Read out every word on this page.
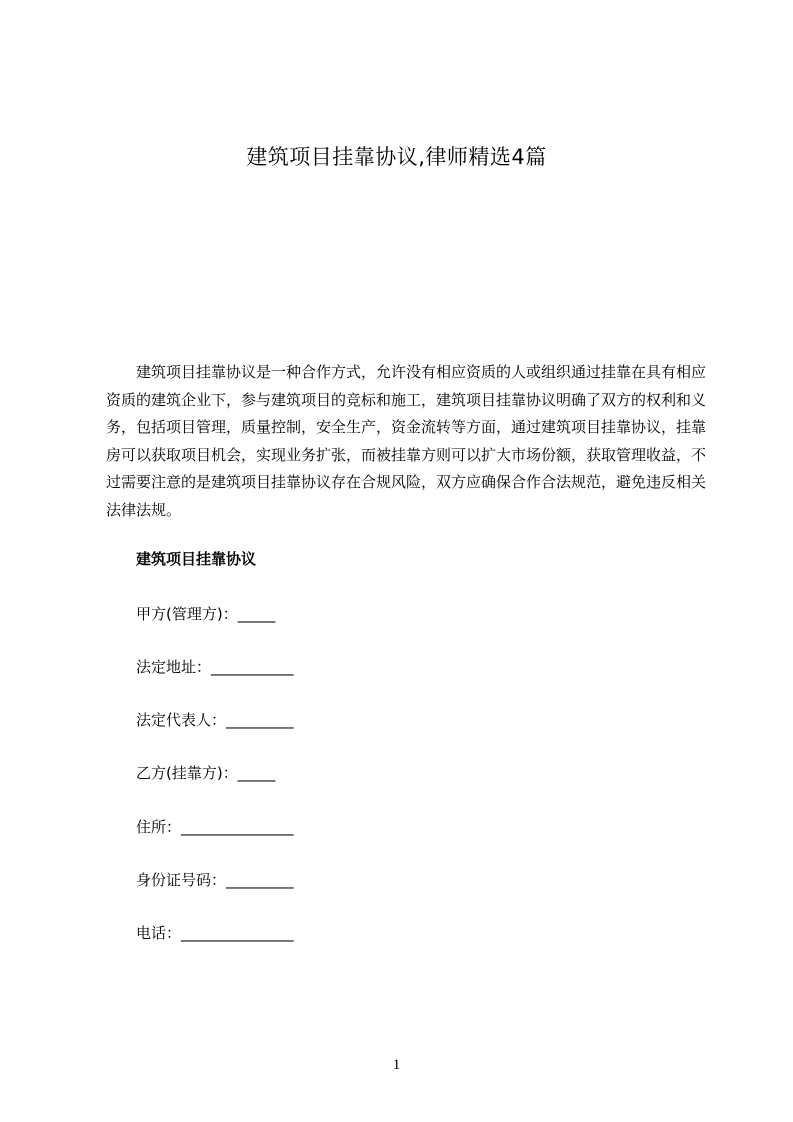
建筑项目挂靠协议,律师精选4篇

建筑项目挂靠协议是一种合作方式，允许没有相应资质的人或组织通过挂靠在具有相应资质的建筑企业下，参与建筑项目的竞标和施工，建筑项目挂靠协议明确了双方的权利和义务，包括项目管理，质量控制，安全生产，资金流转等方面，通过建筑项目挂靠协议，挂靠房可以获取项目机会，实现业务扩张，而被挂靠方则可以扩大市场份额，获取管理收益，不过需要注意的是建筑项目挂靠协议存在合规风险，双方应确保合作合法规范，避免违反相关法律法规。

建筑项目挂靠协议
甲方(管理方)：_____
法定地址：___________
法定代表人：_________
乙方(挂靠方)：_____
住所：_______________
身份证号码：_________
电话：_______________
1
